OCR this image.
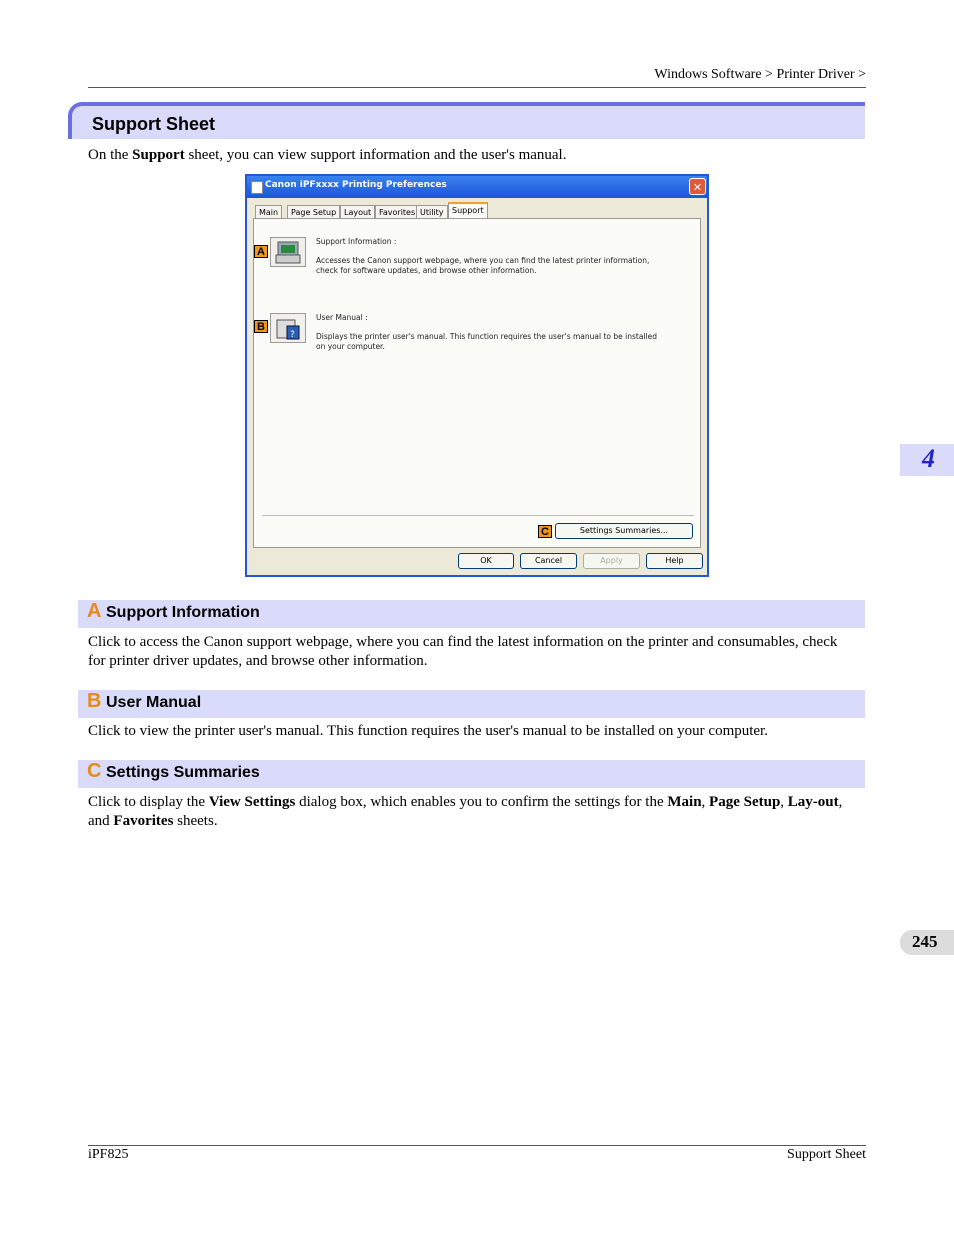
Windows Software > Printer Driver >
Support Sheet
On the Support sheet, you can view support information and the user's manual.
Canon iPFxxxx Printing Preferences	✕
Main	Page Setup Layout Favorites Utility	Support
A
Support Information :
Accesses the Canon support webpage, where you can find the latest printer information, check for software updates, and browse other information.
B
?
User Manual :
Displays the printer user's manual. This function requires the user's manual to be installed on your computer.
C	Settings Summaries...
OK	Cancel	Apply	Help
A Support Information
Click to access the Canon support webpage, where you can find the latest information on the printer and consumables, check for printer driver updates, and browse other information.
B User Manual
Click to view the printer user's manual. This function requires the user's manual to be installed on your computer.
C Settings Summaries
Click to display the View Settings dialog box, which enables you to confirm the settings for the Main, Page Setup, Lay-out, and Favorites sheets.
4
245
iPF825	Support Sheet
